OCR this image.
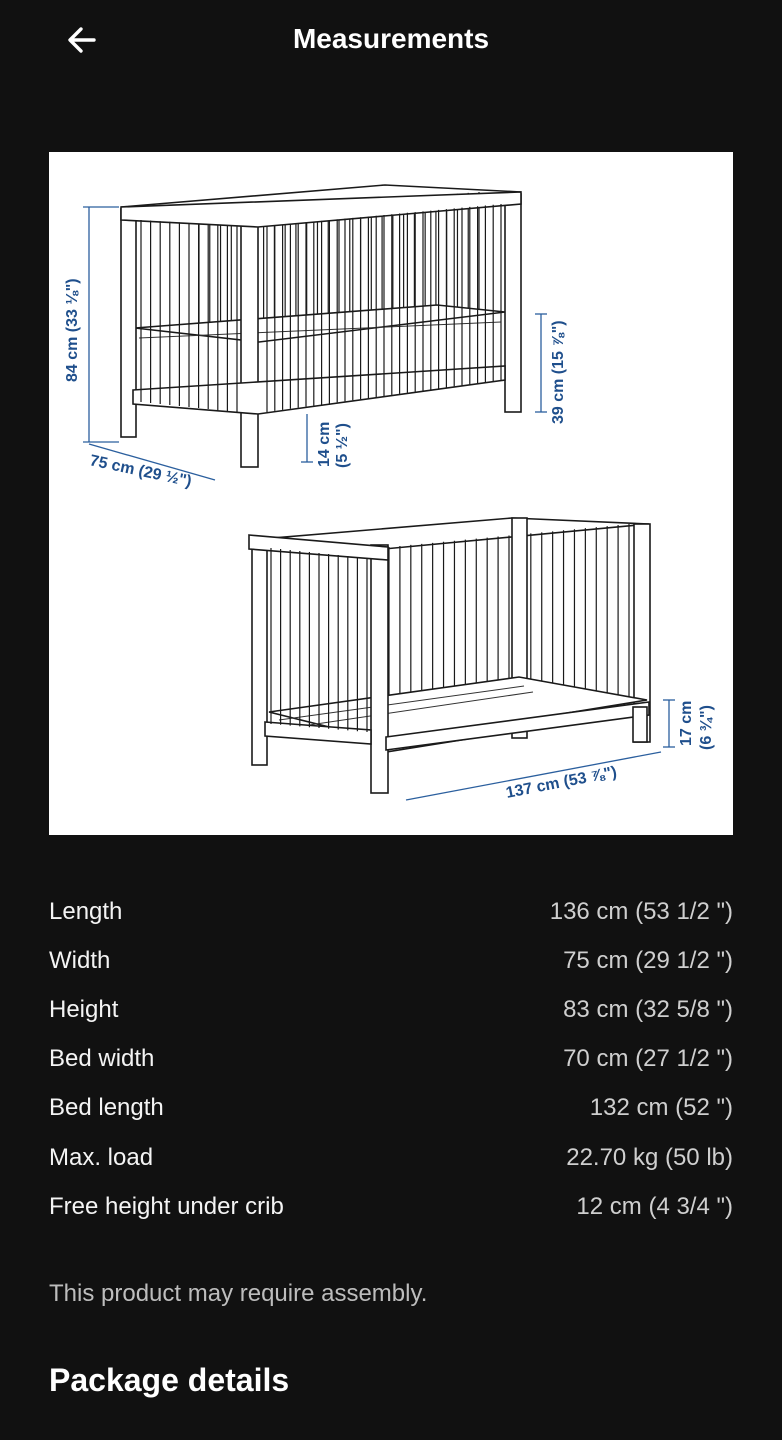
Measurements
84 cm (33 ⅛")
75 cm (29 ½")
14 cm (5 ½")
39 cm (15 ⅞")
17 cm (6 ¾")
137 cm (53 ⅞")
Length	136 cm (53 1/2 ")
Width	75 cm (29 1/2 ")
Height	83 cm (32 5/8 ")
Bed width	70 cm (27 1/2 ")
Bed length	132 cm (52 ")
Max. load	22.70 kg (50 lb)
Free height under crib	12 cm (4 3/4 ")
This product may require assembly.
Package details
